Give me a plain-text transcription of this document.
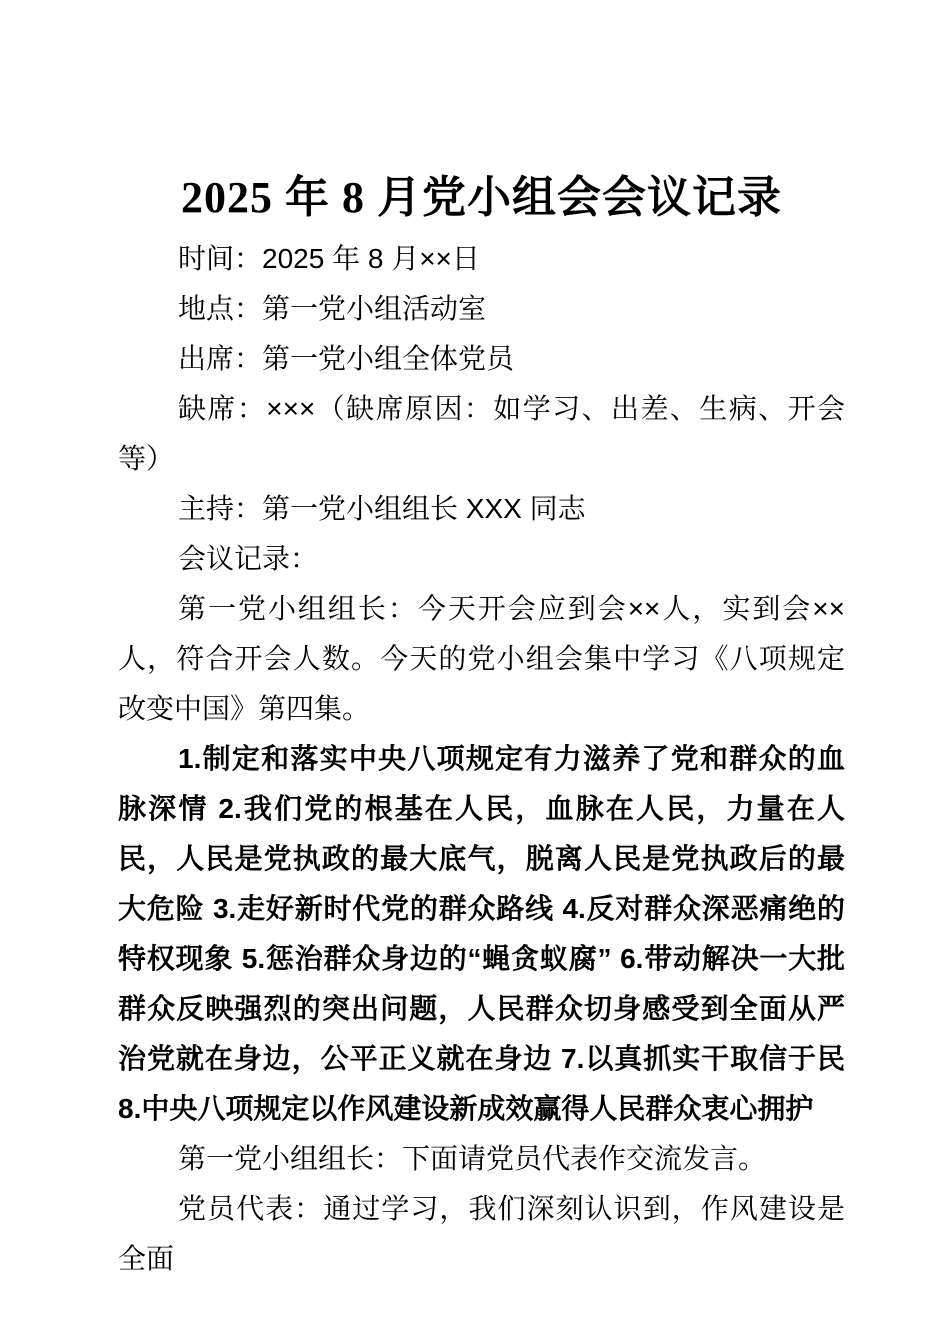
2025 年 8 月党小组会会议记录

时间：2025 年 8 月××日

地点：第一党小组活动室

出席：第一党小组全体党员

缺席：×××（缺席原因：如学习、出差、生病、开会等）

主持：第一党小组组长 XXX 同志

会议记录：

第一党小组组长：今天开会应到会××人，实到会××人，符合开会人数。今天的党小组会集中学习《八项规定改变中国》第四集。

1.制定和落实中央八项规定有力滋养了党和群众的血脉深情 2.我们党的根基在人民，血脉在人民，力量在人民，人民是党执政的最大底气，脱离人民是党执政后的最大危险 3.走好新时代党的群众路线 4.反对群众深恶痛绝的特权现象 5.惩治群众身边的“蝇贪蚁腐” 6.带动解决一大批群众反映强烈的突出问题，人民群众切身感受到全面从严治党就在身边，公平正义就在身边 7.以真抓实干取信于民 8.中央八项规定以作风建设新成效赢得人民群众衷心拥护

第一党小组组长：下面请党员代表作交流发言。

党员代表：通过学习，我们深刻认识到，作风建设是全面
